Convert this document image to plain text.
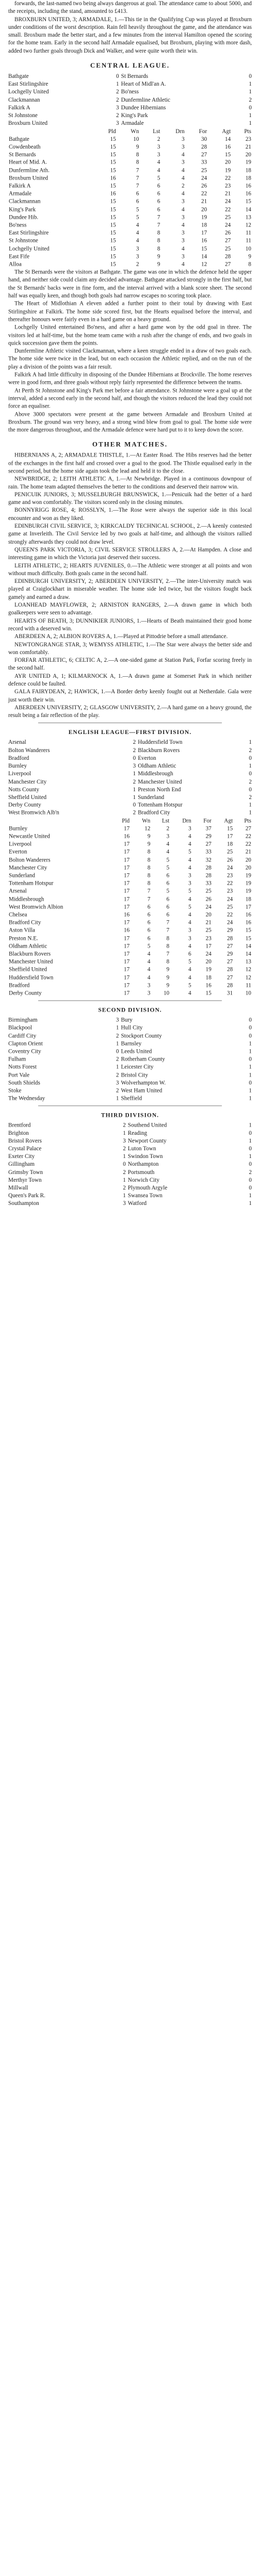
forwards, the last-named two being always dangerous at goal. The attendance came to about 5000, and the receipts, including the stand, amounted to £413.

BROXBURN UNITED, 3; ARMADALE, 1.—This tie in the Qualifying Cup was played at Broxburn under conditions of the worst description. Rain fell heavily throughout the game, and the attendance was small. Broxburn made the better start, and a few minutes from the interval Hamilton opened the scoring for the home team. Early in the second half Armadale equalised, but Broxburn, playing with more dash, added two further goals through Dick and Walker, and were quite worth their win.

CENTRAL LEAGUE.
Bathgate	0	St Bernards	0
East Stirlingshire	1	Heart of Midl'an A.	1
Lochgelly United	2	Bo'ness	1
Clackmannan	2	Dunfermline Athletic	2
Falkirk A	3	Dundee Hibernians	0
St Johnstone	2	King's Park	1
Broxburn United	3	Armadale	1
	Pld	Wn	Lst	Drn	For	Agt	Pts
Bathgate	15	10	2	3	30	14	23
Cowdenbeath	15	9	3	3	28	16	21
St Bernards	15	8	3	4	27	15	20
Heart of Mid. A.	15	8	4	3	33	20	19
Dunfermline Ath.	15	7	4	4	25	19	18
Broxburn United	16	7	5	4	24	22	18
Falkirk A	15	7	6	2	26	23	16
Armadale	16	6	6	4	22	21	16
Clackmannan	15	6	6	3	21	24	15
King's Park	15	5	6	4	20	22	14
Dundee Hib.	15	5	7	3	19	25	13
Bo'ness	15	4	7	4	18	24	12
East Stirlingshire	15	4	8	3	17	26	11
St Johnstone	15	4	8	3	16	27	11
Lochgelly United	15	3	8	4	15	25	10
East Fife	15	3	9	3	14	28	9
Alloa	15	2	9	4	12	27	8

The St Bernards were the visitors at Bathgate. The game was one in which the defence held the upper hand, and neither side could claim any decided advantage. Bathgate attacked strongly in the first half, but the St Bernards' backs were in fine form, and the interval arrived with a blank score sheet. The second half was equally keen, and though both goals had narrow escapes no scoring took place.

The Heart of Midlothian A eleven added a further point to their total by drawing with East Stirlingshire at Falkirk. The home side scored first, but the Hearts equalised before the interval, and thereafter honours were fairly even in a hard game on a heavy ground.

Lochgelly United entertained Bo'ness, and after a hard game won by the odd goal in three. The visitors led at half-time, but the home team came with a rush after the change of ends, and two goals in quick succession gave them the points.

Dunfermline Athletic visited Clackmannan, where a keen struggle ended in a draw of two goals each. The home side were twice in the lead, but on each occasion the Athletic replied, and on the run of the play a division of the points was a fair result.

Falkirk A had little difficulty in disposing of the Dundee Hibernians at Brockville. The home reserves were in good form, and three goals without reply fairly represented the difference between the teams.

At Perth St Johnstone and King's Park met before a fair attendance. St Johnstone were a goal up at the interval, added a second early in the second half, and though the visitors reduced the lead they could not force an equaliser.

Above 3000 spectators were present at the game between Armadale and Broxburn United at Broxburn. The ground was very heavy, and a strong wind blew from goal to goal. The home side were the more dangerous throughout, and the Armadale defence were hard put to it to keep down the score.

OTHER MATCHES.

HIBERNIANS A, 2; ARMADALE THISTLE, 1.—At Easter Road. The Hibs reserves had the better of the exchanges in the first half and crossed over a goal to the good. The Thistle equalised early in the second period, but the home side again took the lead and held it to the close.

NEWBRIDGE, 2; LEITH ATHLETIC A, 1.—At Newbridge. Played in a continuous downpour of rain. The home team adapted themselves the better to the conditions and deserved their narrow win.

PENICUIK JUNIORS, 3; MUSSELBURGH BRUNSWICK, 1.—Penicuik had the better of a hard game and won comfortably. The visitors scored only in the closing minutes.

BONNYRIGG ROSE, 4; ROSSLYN, 1.—The Rose were always the superior side in this local encounter and won as they liked.

EDINBURGH CIVIL SERVICE, 3; KIRKCALDY TECHNICAL SCHOOL, 2.—A keenly contested game at Inverleith. The Civil Service led by two goals at half-time, and although the visitors rallied strongly afterwards they could not draw level.

QUEEN'S PARK VICTORIA, 3; CIVIL SERVICE STROLLERS A, 2.—At Hampden. A close and interesting game in which the Victoria just deserved their success.

LEITH ATHLETIC, 2; HEARTS JUVENILES, 0.—The Athletic were stronger at all points and won without much difficulty. Both goals came in the second half.

EDINBURGH UNIVERSITY, 2; ABERDEEN UNIVERSITY, 2.—The inter-University match was played at Craiglockhart in miserable weather. The home side led twice, but the visitors fought back gamely and earned a draw.

LOANHEAD MAYFLOWER, 2; ARNISTON RANGERS, 2.—A drawn game in which both goalkeepers were seen to advantage.

HEARTS OF BEATH, 3; DUNNIKIER JUNIORS, 1.—Hearts of Beath maintained their good home record with a deserved win.

ABERDEEN A, 2; ALBION ROVERS A, 1.—Played at Pittodrie before a small attendance.

NEWTONGRANGE STAR, 3; WEMYSS ATHLETIC, 1.—The Star were always the better side and won comfortably.

FORFAR ATHLETIC, 6; CELTIC A, 2.—A one-sided game at Station Park, Forfar scoring freely in the second half.

AYR UNITED A, 1; KILMARNOCK A, 1.—A drawn game at Somerset Park in which neither defence could be faulted.

GALA FAIRYDEAN, 2; HAWICK, 1.—A Border derby keenly fought out at Netherdale. Gala were just worth their win.

ABERDEEN UNIVERSITY, 2; GLASGOW UNIVERSITY, 2.—A hard game on a heavy ground, the result being a fair reflection of the play.

ENGLISH LEAGUE—FIRST DIVISION.
Arsenal	2	Huddersfield Town	1
Bolton Wanderers	2	Blackburn Rovers	2
Bradford	0	Everton	0
Burnley	3	Oldham Athletic	1
Liverpool	1	Middlesbrough	0
Manchester City	2	Manchester United	2
Notts County	1	Preston North End	0
Sheffield United	1	Sunderland	2
Derby County	0	Tottenham Hotspur	1
West Bromwich Alb'n	2	Bradford City	1
	Pld	Wn	Lst	Drn	For	Agt	Pts
Burnley	17	12	2	3	37	15	27
Newcastle United	16	9	3	4	29	17	22
Liverpool	17	9	4	4	27	18	22
Everton	17	8	4	5	33	25	21
Bolton Wanderers	17	8	5	4	32	26	20
Manchester City	17	8	5	4	28	24	20
Sunderland	17	8	6	3	28	23	19
Tottenham Hotspur	17	8	6	3	33	22	19
Arsenal	17	7	5	5	25	23	19
Middlesbrough	17	7	6	4	26	24	18
West Bromwich Albion	17	6	6	5	24	25	17
Chelsea	16	6	6	4	20	22	16
Bradford City	17	6	7	4	21	24	16
Aston Villa	16	6	7	3	25	29	15
Preston N.E.	17	6	8	3	23	28	15
Oldham Athletic	17	5	8	4	17	27	14
Blackburn Rovers	17	4	7	6	24	29	14
Manchester United	17	4	8	5	20	27	13
Sheffield United	17	4	9	4	19	28	12
Huddersfield Town	17	4	9	4	18	27	12
Bradford	17	3	9	5	16	28	11
Derby County	17	3	10	4	15	31	10
SECOND DIVISION.
Birmingham	3	Bury	0
Blackpool	1	Hull City	0
Cardiff City	2	Stockport County	0
Clapton Orient	1	Barnsley	1
Coventry City	0	Leeds United	1
Fulham	2	Rotherham County	0
Notts Forest	1	Leicester City	1
Port Vale	2	Bristol City	1
South Shields	3	Wolverhampton W.	0
Stoke	2	West Ham United	1
The Wednesday	1	Sheffield	1
THIRD DIVISION.
Brentford	2	Southend United	1
Brighton	1	Reading	0
Bristol Rovers	3	Newport County	1
Crystal Palace	2	Luton Town	0
Exeter City	1	Swindon Town	1
Gillingham	0	Northampton	0
Grimsby Town	2	Portsmouth	2
Merthyr Town	1	Norwich City	0
Millwall	2	Plymouth Argyle	0
Queen's Park R.	1	Swansea Town	1
Southampton	3	Watford	1
